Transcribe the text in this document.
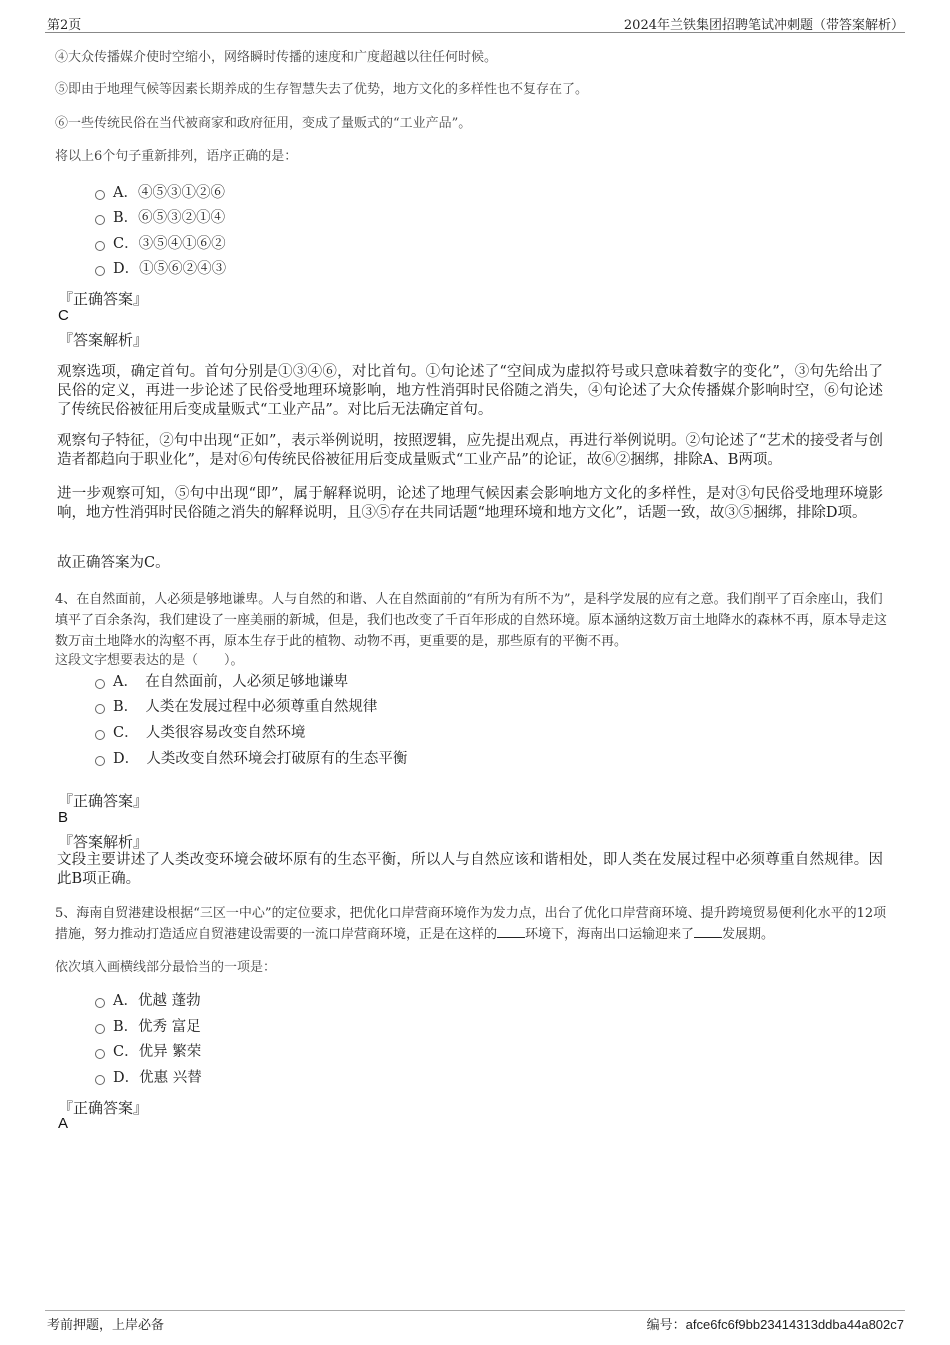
第2页	2024年兰铁集团招聘笔试冲刺题（带答案解析）
④大众传播媒介使时空缩小，网络瞬时传播的速度和广度超越以往任何时候。
⑤即由于地理气候等因素长期养成的生存智慧失去了优势，地方文化的多样性也不复存在了。
⑥一些传统民俗在当代被商家和政府征用，变成了量贩式的“工业产品”。
将以上6个句子重新排列，语序正确的是：
A．④⑤③①②⑥
B．⑥⑤③②①④
C．③⑤④①⑥②
D．①⑤⑥②④③
『正确答案』
C
『答案解析』
观察选项，确定首句。首句分别是①③④⑥，对比首句。①句论述了“空间成为虚拟符号或只意味着数字的变化”，③句先给出了民俗的定义，再进一步论述了民俗受地理环境影响，地方性消弭时民俗随之消失，④句论述了大众传播媒介影响时空，⑥句论述了传统民俗被征用后变成量贩式“工业产品”。对比后无法确定首句。
观察句子特征，②句中出现“正如”，表示举例说明，按照逻辑，应先提出观点，再进行举例说明。②句论述了“艺术的接受者与创造者都趋向于职业化”，是对⑥句传统民俗被征用后变成量贩式“工业产品”的论证，故⑥②捆绑，排除A、B两项。
进一步观察可知，⑤句中出现“即”，属于解释说明，论述了地理气候因素会影响地方文化的多样性，是对③句民俗受地理环境影响，地方性消弭时民俗随之消失的解释说明，且③⑤存在共同话题“地理环境和地方文化”，话题一致，故③⑤捆绑，排除D项。
故正确答案为C。
4、在自然面前，人必须是够地谦卑。人与自然的和谐、人在自然面前的“有所为有所不为”，是科学发展的应有之意。我们削平了百余座山，我们填平了百余条沟，我们建设了一座美丽的新城，但是，我们也改变了千百年形成的自然环境。原本涵纳这数万亩土地降水的森林不再，原本导走这数万亩土地降水的沟壑不再，原本生存于此的植物、动物不再，更重要的是，那些原有的平衡不再。
这段文字想要表达的是（　　）。
A．　在自然面前，人必须足够地谦卑
B．　人类在发展过程中必须尊重自然规律
C．　人类很容易改变自然环境
D．　人类改变自然环境会打破原有的生态平衡
『正确答案』
B
『答案解析』
文段主要讲述了人类改变环境会破坏原有的生态平衡，所以人与自然应该和谐相处，即人类在发展过程中必须尊重自然规律。因此B项正确。
5、海南自贸港建设根据“三区一中心”的定位要求，把优化口岸营商环境作为发力点，出台了优化口岸营商环境、提升跨境贸易便利化水平的12项措施，努力推动打造适应自贸港建设需要的一流口岸营商环境，正是在这样的 环境下，海南出口运输迎来了 发展期。
依次填入画横线部分最恰当的一项是：
A．优越 蓬勃
B．优秀 富足
C．优异 繁荣
D．优惠 兴替
『正确答案』
A
考前押题，上岸必备	编号：afce6fc6f9bb23414313ddba44a802c7
